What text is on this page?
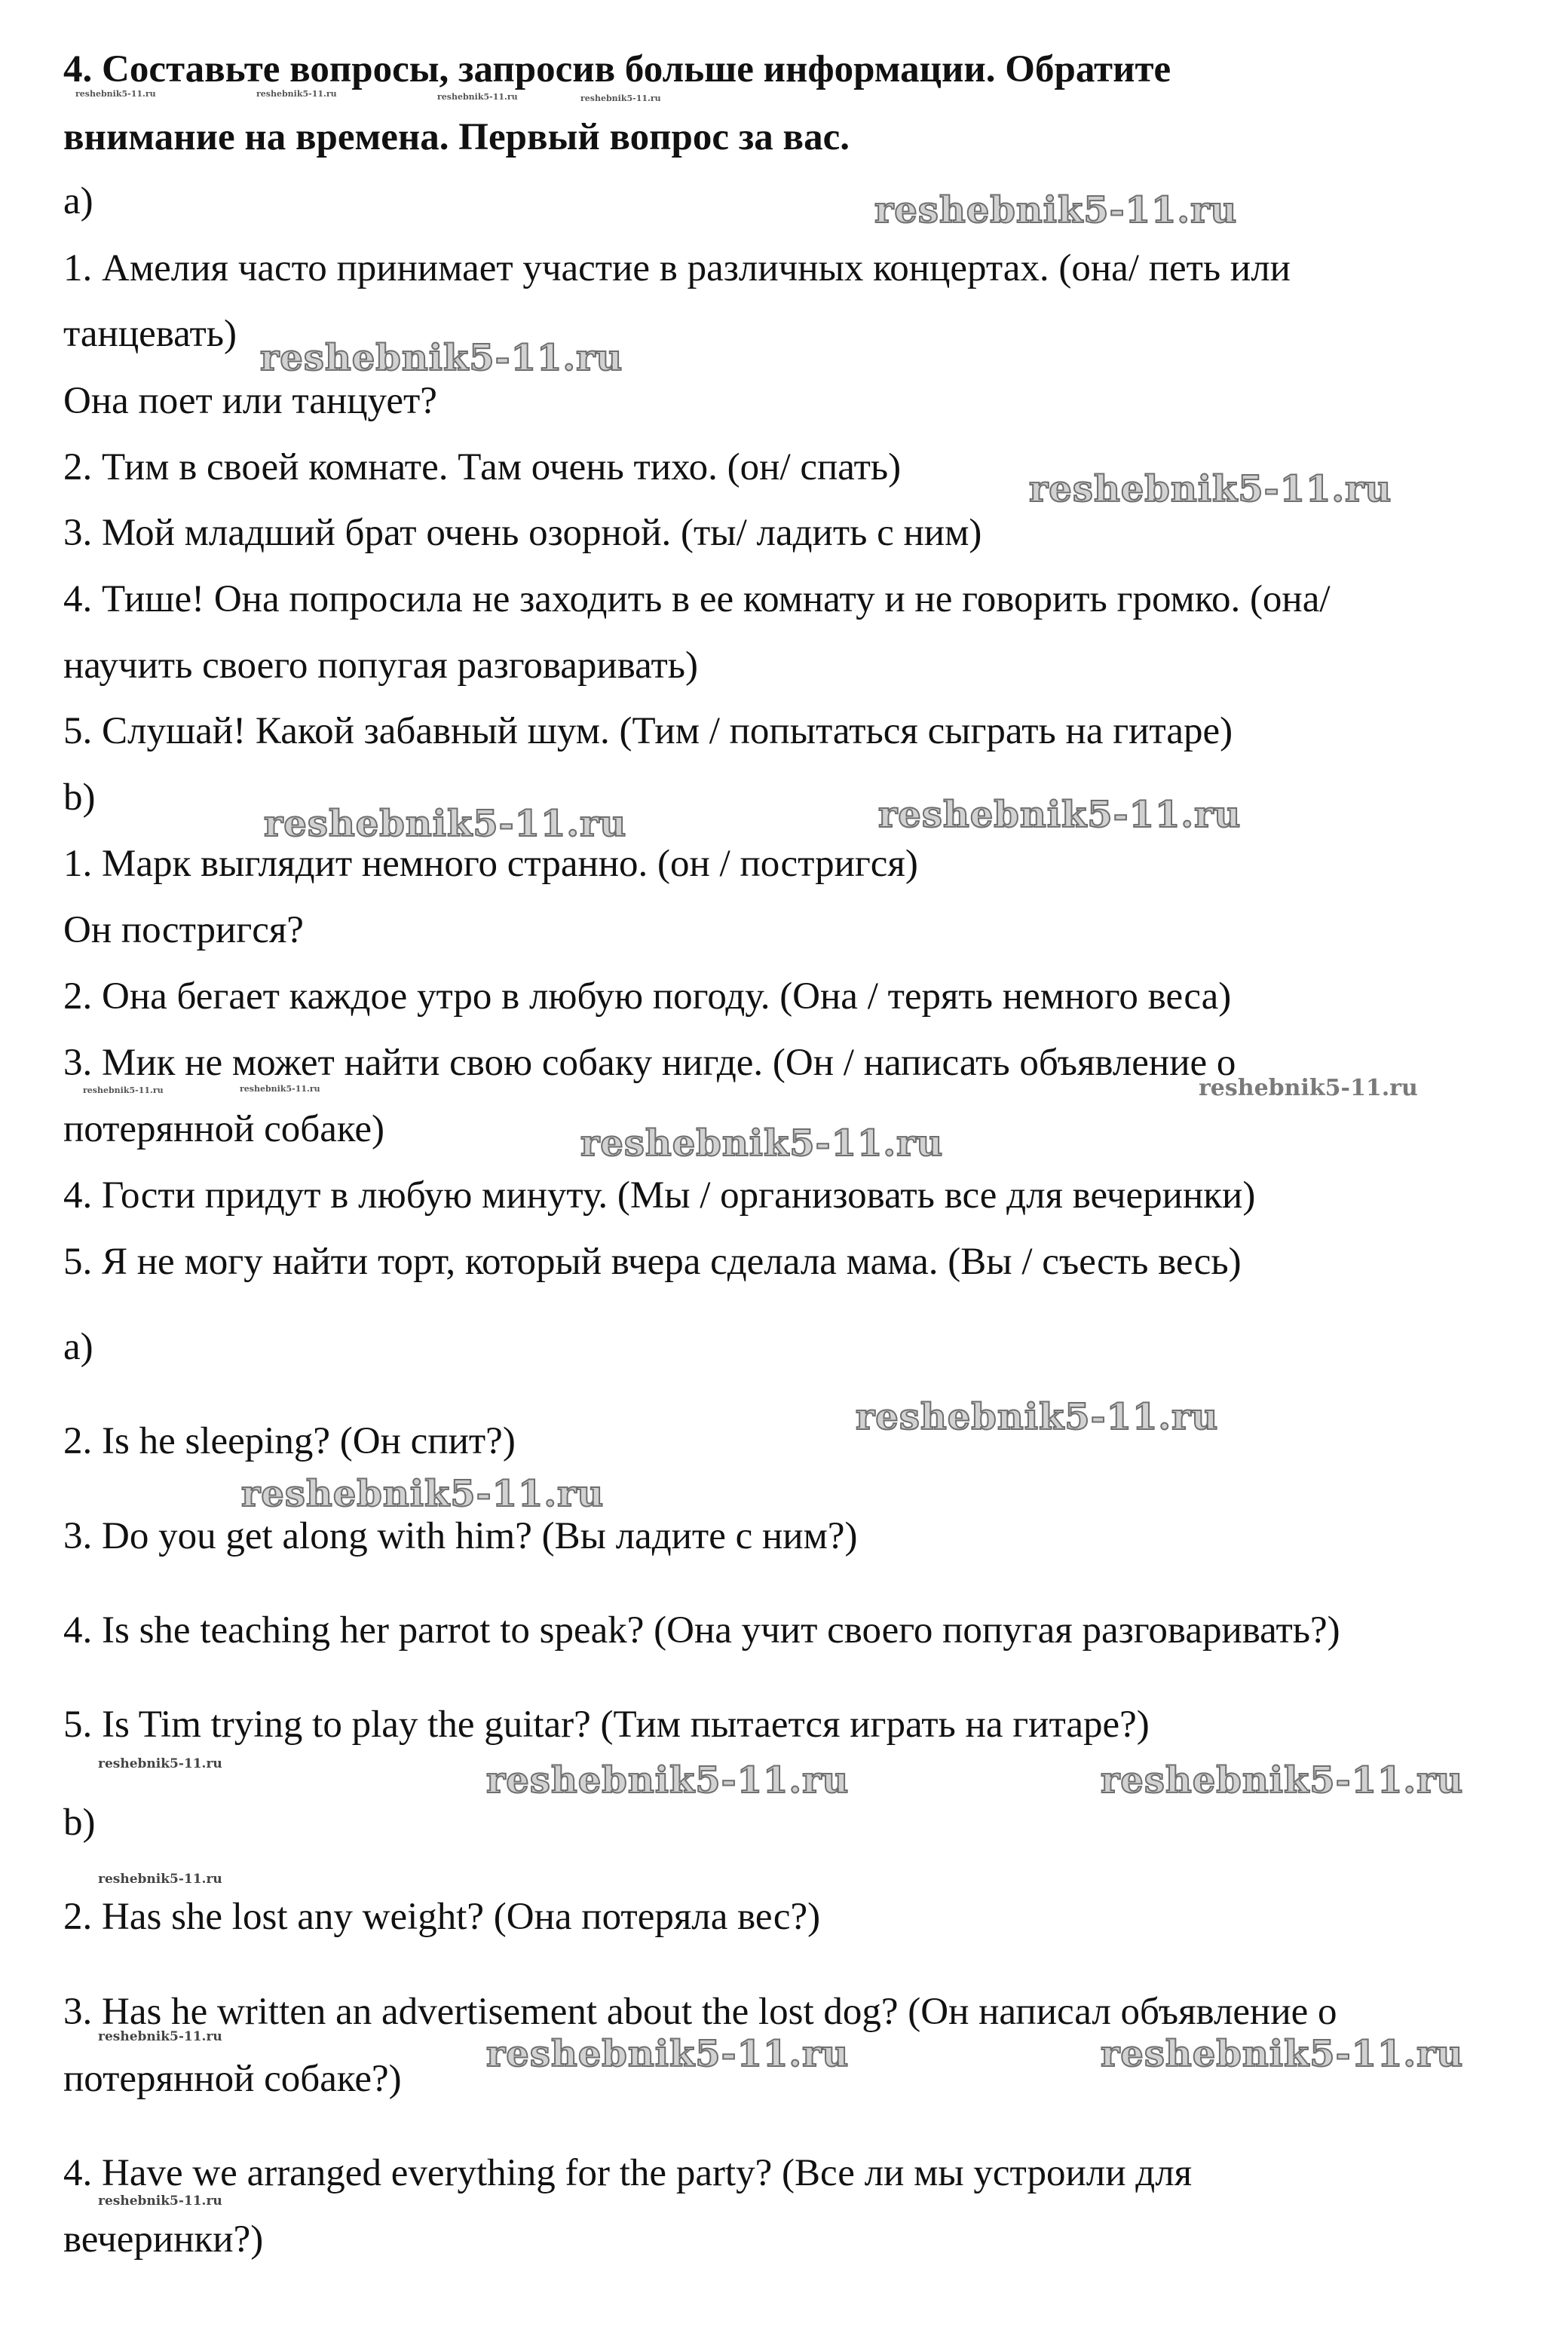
4. Составьте вопросы, запросив больше информации. Обратите

внимание на времена. Первый вопрос за вас.

a)

1. Амелия часто принимает участие в различных концертах. (она/ петь или

танцевать)

Она поет или танцует?

2. Тим в своей комнате. Там очень тихо. (он/ спать)

3. Мой младший брат очень озорной. (ты/ ладить с ним)

4. Тише! Она попросила не заходить в ее комнату и не говорить громко. (она/

научить своего попугая разговаривать)

5. Слушай! Какой забавный шум. (Тим / попытаться сыграть на гитаре)

b)

1. Марк выглядит немного странно. (он / постригся)

Он постригся?

2. Она бегает каждое утро в любую погоду. (Она / терять немного веса)

3. Мик не может найти свою собаку нигде. (Он / написать объявление о

потерянной собаке)

4. Гости придут в любую минуту. (Мы / организовать все для вечеринки)

5. Я не могу найти торт, который вчера сделала мама. (Вы / съесть весь)

a)

2. Is he sleeping? (Он спит?)

3. Do you get along with him? (Вы ладите с ним?)

4. Is she teaching her parrot to speak? (Она учит своего попугая разговаривать?)

5. Is Tim trying to play the guitar? (Тим пытается играть на гитаре?)

b)

2. Has she lost any weight? (Она потеряла вес?)

3. Has he written an advertisement about the lost dog? (Он написал объявление о

потерянной собаке?)

4. Have we arranged everything for the party? (Все ли мы устроили для

вечеринки?)

reshebnik5-11.ru	reshebnik5-11.ru	reshebnik5-11.ru	reshebnik5-11.ru
reshebnik5-11.ru
reshebnik5-11.ru
reshebnik5-11.ru
reshebnik5-11.ru	reshebnik5-11.ru
reshebnik5-11.ru	reshebnik5-11.ru	reshebnik5-11.ru
reshebnik5-11.ru
reshebnik5-11.ru
reshebnik5-11.ru
reshebnik5-11.ru	reshebnik5-11.ru	reshebnik5-11.ru
reshebnik5-11.ru
reshebnik5-11.ru	reshebnik5-11.ru	reshebnik5-11.ru
reshebnik5-11.ru
